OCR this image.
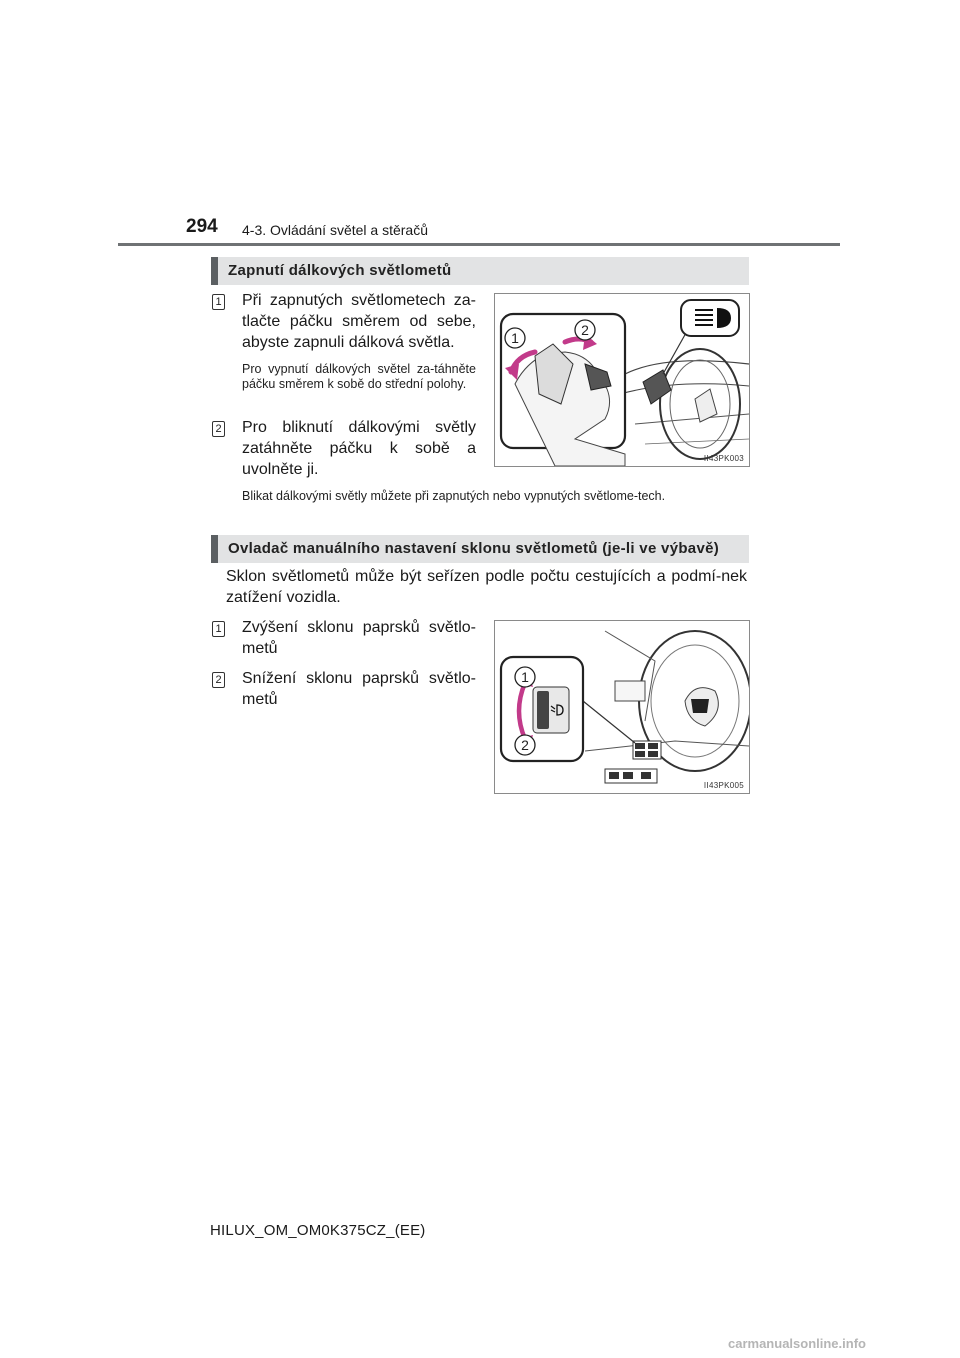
294 4-3. Ovládání světel a stěračů
Zapnutí dálkových světlometů
1 Při zapnutých světlometech za-tlačte páčku směrem od sebe, abyste zapnuli dálková světla.
Pro vypnutí dálkových světel za-táhněte páčku směrem k sobě do střední polohy.
2 Pro bliknutí dálkovými světly zatáhněte páčku k sobě a uvolněte ji.
Blikat dálkovými světly můžete při zapnutých nebo vypnutých světlome-tech.
1	2
II43PK003
Ovladač manuálního nastavení sklonu světlometů (je-li ve výbavě)
Sklon světlometů může být seřízen podle počtu cestujících a podmí-nek zatížení vozidla.
1 Zvýšení sklonu paprsků světlo-metů
2 Snížení sklonu paprsků světlo-metů
1
2
II43PK005
HILUX_OM_OM0K375CZ_(EE)
carmanualsonline.info
